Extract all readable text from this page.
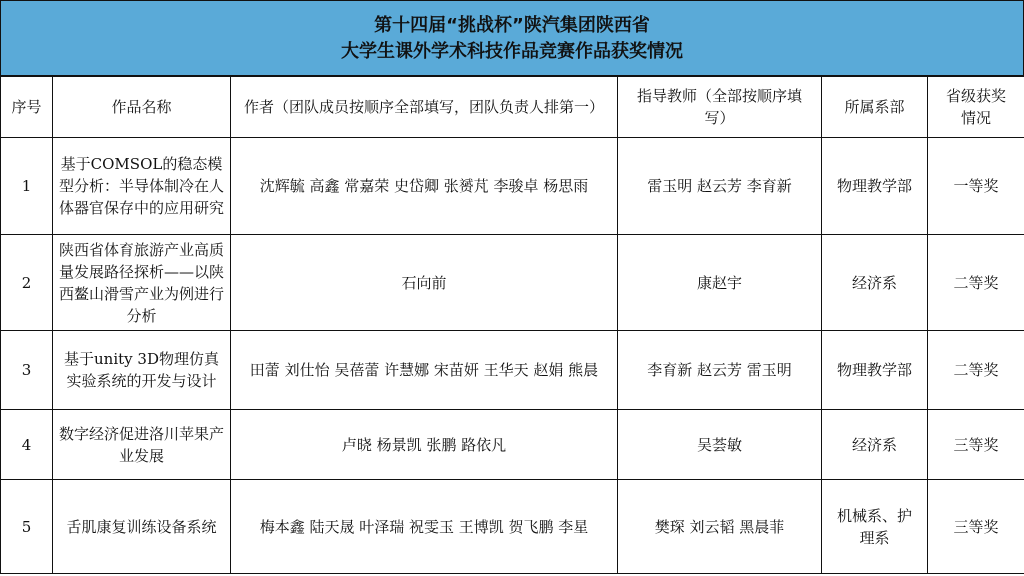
第十四届“挑战杯”陕汽集团陕西省
大学生课外学术科技作品竞赛作品获奖情况
序号	作品名称	作者（团队成员按顺序全部填写，团队负责人排第一）	指导教师（全部按顺序填写）	所属系部	省级获奖情况
1	基于COMSOL的稳态模型分析：半导体制冷在人体器官保存中的应用研究	沈辉毓 高鑫 常嘉荣 史岱卿 张赟芃 李骏卓 杨思雨	雷玉明 赵云芳 李育新	物理教学部	一等奖
2	陕西省体育旅游产业高质量发展路径探析——以陕西鳌山滑雪产业为例进行分析	石向前	康赵宇	经济系	二等奖
3	基于unity 3D物理仿真实验系统的开发与设计	田蕾 刘仕怡 吴蓓蕾 许慧娜 宋苗妍 王华天 赵娟 熊晨	李育新 赵云芳 雷玉明	物理教学部	二等奖
4	数字经济促进洛川苹果产业发展	卢晓 杨景凯 张鹏 路依凡	吴荟敏	经济系	三等奖
5	舌肌康复训练设备系统	梅本鑫 陆天晟 叶泽瑞 祝雯玉 王博凯 贺飞鹏 李星	樊琛 刘云韬 黑晨菲	机械系、护理系	三等奖
